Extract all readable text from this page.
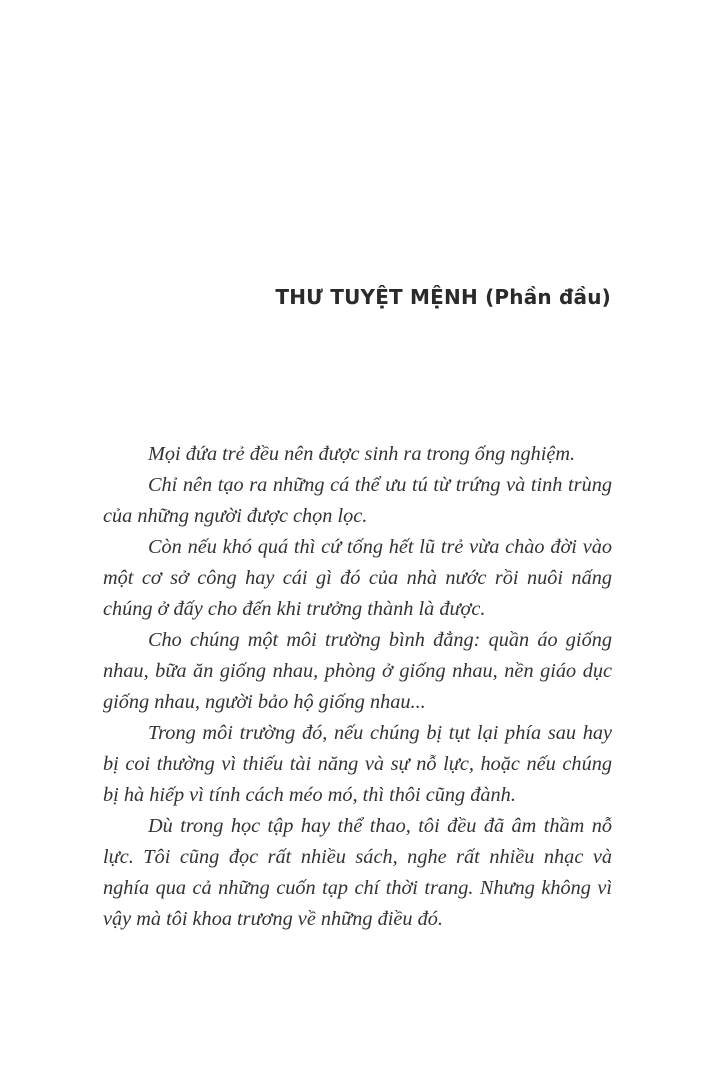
THƯ TUYỆT MỆNH (Phần đầu)

Mọi đứa trẻ đều nên được sinh ra trong ống nghiệm.

Chỉ nên tạo ra những cá thể ưu tú từ trứng và tinh trùng của những người được chọn lọc.

Còn nếu khó quá thì cứ tống hết lũ trẻ vừa chào đời vào một cơ sở công hay cái gì đó của nhà nước rồi nuôi nấng chúng ở đấy cho đến khi trưởng thành là được.

Cho chúng một môi trường bình đẳng: quần áo giống nhau, bữa ăn giống nhau, phòng ở giống nhau, nền giáo dục giống nhau, người bảo hộ giống nhau...

Trong môi trường đó, nếu chúng bị tụt lại phía sau hay bị coi thường vì thiếu tài năng và sự nỗ lực, hoặc nếu chúng bị hà hiếp vì tính cách méo mó, thì thôi cũng đành.

Dù trong học tập hay thể thao, tôi đều đã âm thầm nỗ lực. Tôi cũng đọc rất nhiều sách, nghe rất nhiều nhạc và nghía qua cả những cuốn tạp chí thời trang. Nhưng không vì vậy mà tôi khoa trương về những điều đó.
